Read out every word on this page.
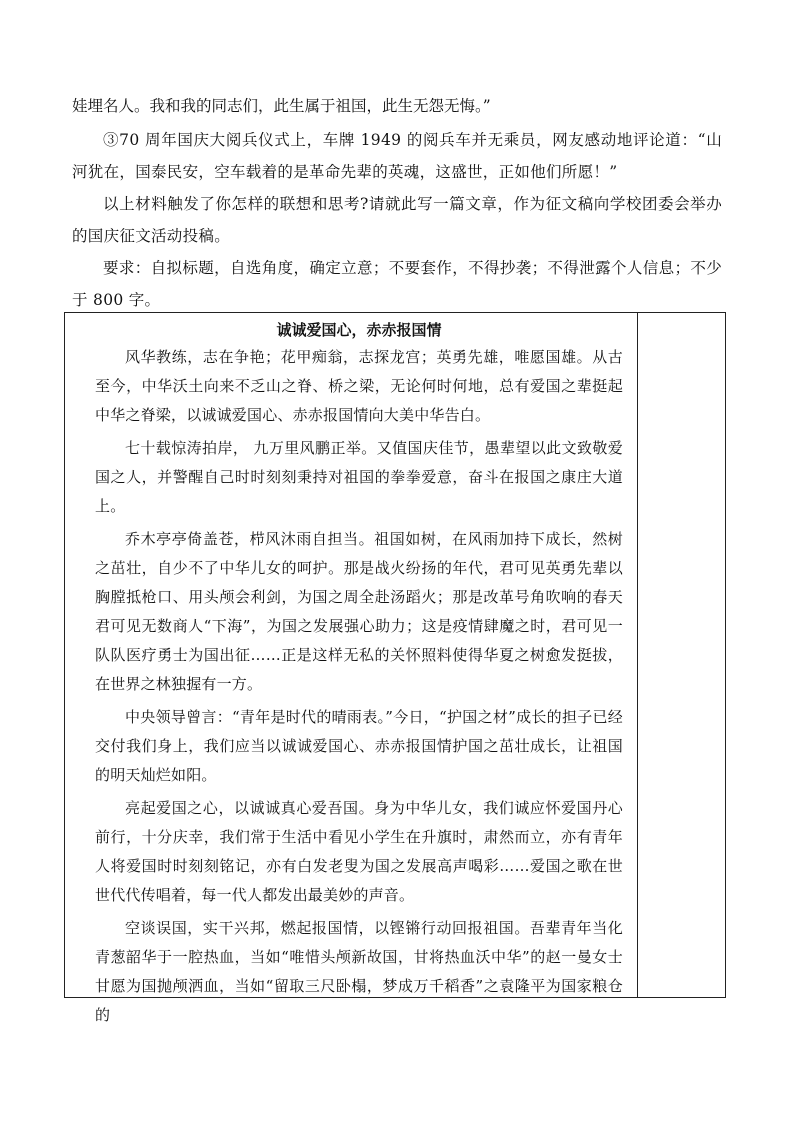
娃埋名人。我和我的同志们，此生属于祖国，此生无怨无悔。”

③70 周年国庆大阅兵仪式上，车牌 1949 的阅兵车并无乘员，网友感动地评论道：“山河犹在，国泰民安，空车载着的是革命先辈的英魂，这盛世，正如他们所愿！”

以上材料触发了你怎样的联想和思考?请就此写一篇文章，作为征文稿向学校团委会举办的国庆征文活动投稿。

要求：自拟标题，自选角度，确定立意；不要套作，不得抄袭；不得泄露个人信息；不少于 800 字。

诚诚爱国心，赤赤报国情

风华教练，志在争艳；花甲痴翁，志探龙宫；英勇先雄，唯愿国雄。从古至今，中华沃土向来不乏山之脊、桥之梁，无论何时何地，总有爱国之辈挺起中华之脊梁，以诚诚爱国心、赤赤报国情向大美中华告白。

七十载惊涛拍岸， 九万里风鹏正举。又值国庆佳节，愚辈望以此文致敬爱国之人，并警醒自己时时刻刻秉持对祖国的拳拳爱意，奋斗在报国之康庄大道上。

乔木亭亭倚盖苍，栉风沐雨自担当。祖国如树，在风雨加持下成长，然树之茁壮，自少不了中华儿女的呵护。那是战火纷扬的年代，君可见英勇先辈以胸膛抵枪口、用头颅会利剑，为国之周全赴汤蹈火；那是改革号角吹响的春天君可见无数商人“下海”，为国之发展强心助力；这是疫情肆魔之时，君可见一队队医疗勇士为国出征……正是这样无私的关怀照料使得华夏之树愈发挺拔，在世界之林独握有一方。

中央领导曾言：“青年是时代的晴雨表。”今日，“护国之材”成长的担子已经交付我们身上，我们应当以诚诚爱国心、赤赤报国情护国之茁壮成长，让祖国的明天灿烂如阳。

亮起爱国之心，以诚诚真心爱吾国。身为中华儿女，我们诚应怀爱国丹心前行，十分庆幸，我们常于生活中看见小学生在升旗时，肃然而立，亦有青年人将爱国时时刻刻铭记，亦有白发老叟为国之发展高声喝彩……爱国之歌在世世代代传唱着，每一代人都发出最美妙的声音。

空谈误国，实干兴邦，燃起报国情，以铿锵行动回报祖国。吾辈青年当化青葱韶华于一腔热血，当如“唯惜头颅新故国，甘将热血沃中华”的赵一曼女士甘愿为国抛颅洒血，当如“留取三尺卧榻，梦成万千稻香”之袁隆平为国家粮仓的
